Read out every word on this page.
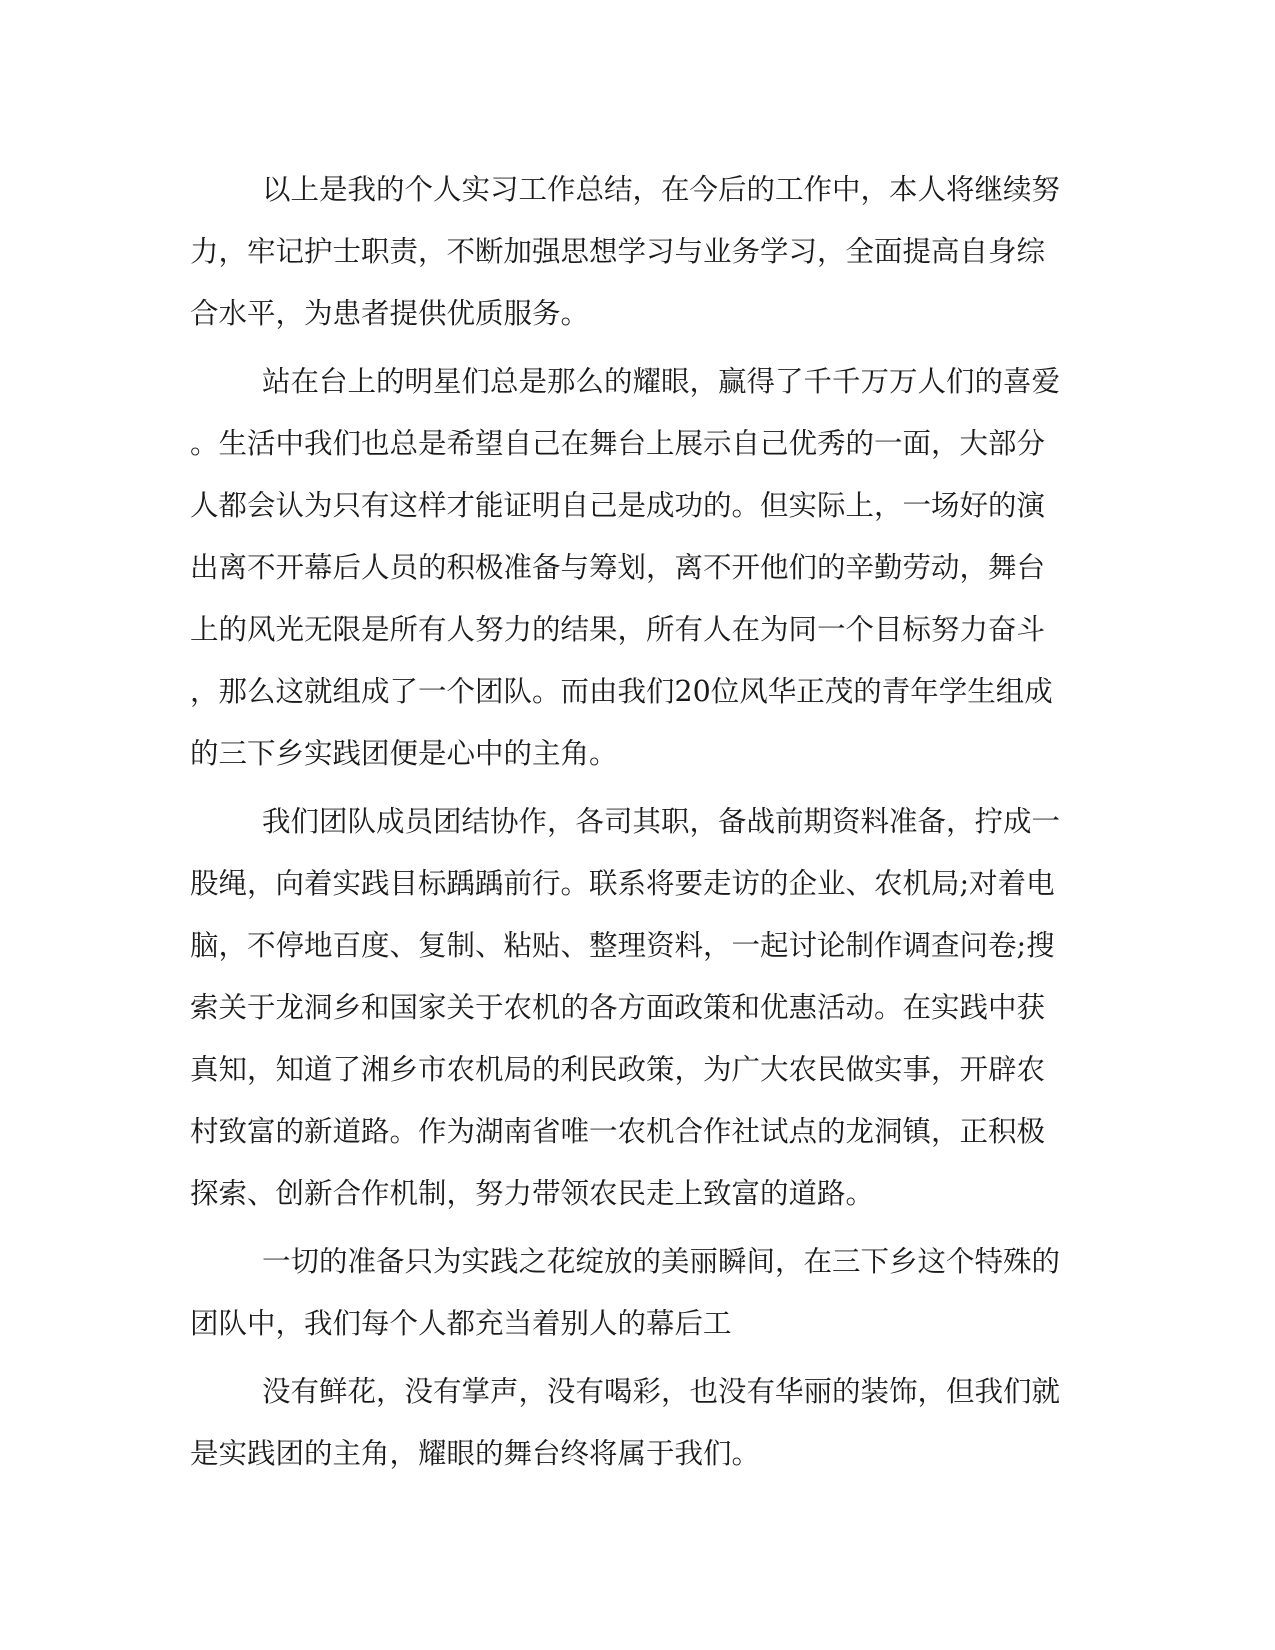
以上是我的个人实习工作总结，在今后的工作中，本人将继续努
力，牢记护士职责，不断加强思想学习与业务学习，全面提高自身综
合水平，为患者提供优质服务。
站在台上的明星们总是那么的耀眼，赢得了千千万万人们的喜爱
。生活中我们也总是希望自己在舞台上展示自己优秀的一面，大部分
人都会认为只有这样才能证明自己是成功的。但实际上，一场好的演
出离不开幕后人员的积极准备与筹划，离不开他们的辛勤劳动，舞台
上的风光无限是所有人努力的结果，所有人在为同一个目标努力奋斗
，那么这就组成了一个团队。而由我们20位风华正茂的青年学生组成
的三下乡实践团便是心中的主角。
我们团队成员团结协作，各司其职，备战前期资料准备，拧成一
股绳，向着实践目标踽踽前行。联系将要走访的企业、农机局;对着电
脑，不停地百度、复制、粘贴、整理资料，一起讨论制作调查问卷;搜
索关于龙洞乡和国家关于农机的各方面政策和优惠活动。在实践中获
真知，知道了湘乡市农机局的利民政策，为广大农民做实事，开辟农
村致富的新道路。作为湖南省唯一农机合作社试点的龙洞镇，正积极
探索、创新合作机制，努力带领农民走上致富的道路。
一切的准备只为实践之花绽放的美丽瞬间，在三下乡这个特殊的
团队中，我们每个人都充当着别人的幕后工
没有鲜花，没有掌声，没有喝彩，也没有华丽的装饰，但我们就
是实践团的主角，耀眼的舞台终将属于我们。
